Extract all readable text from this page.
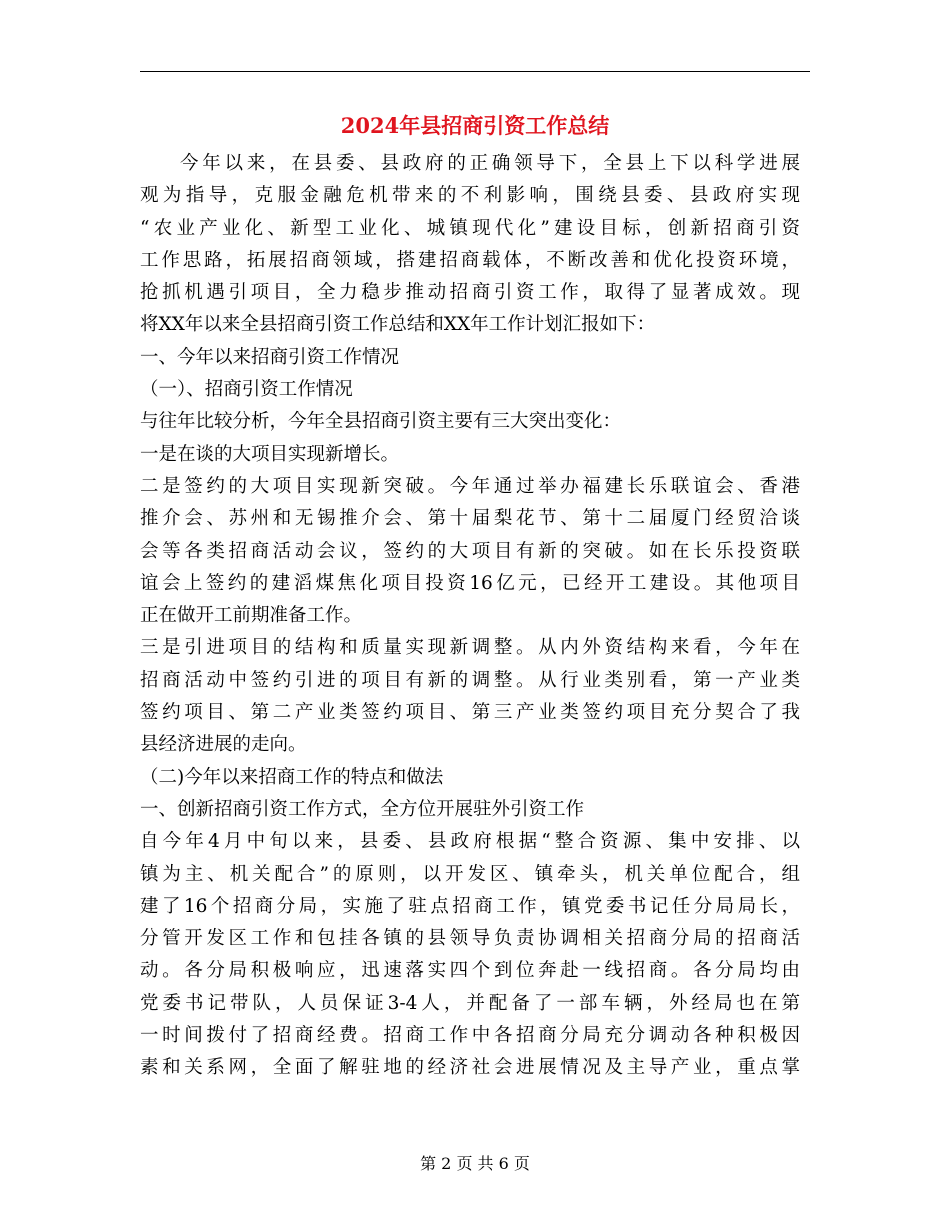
2024年县招商引资工作总结
今年以来，在县委、县政府的正确领导下，全县上下以科学进展
观为指导，克服金融危机带来的不利影响，围绕县委、县政府实现
“农业产业化、新型工业化、城镇现代化”建设目标，创新招商引资
工作思路，拓展招商领域，搭建招商载体，不断改善和优化投资环境，
抢抓机遇引项目，全力稳步推动招商引资工作，取得了显著成效。现
将XX年以来全县招商引资工作总结和XX年工作计划汇报如下：
一、今年以来招商引资工作情况
（一）、招商引资工作情况
与往年比较分析，今年全县招商引资主要有三大突出变化：
一是在谈的大项目实现新增长。
二是签约的大项目实现新突破。今年通过举办福建长乐联谊会、香港
推介会、苏州和无锡推介会、第十届梨花节、第十二届厦门经贸洽谈
会等各类招商活动会议，签约的大项目有新的突破。如在长乐投资联
谊会上签约的建滔煤焦化项目投资16亿元，已经开工建设。其他项目
正在做开工前期准备工作。
三是引进项目的结构和质量实现新调整。从内外资结构来看，今年在
招商活动中签约引进的项目有新的调整。从行业类别看，第一产业类
签约项目、第二产业类签约项目、第三产业类签约项目充分契合了我
县经济进展的走向。
（二)今年以来招商工作的特点和做法
一、创新招商引资工作方式，全方位开展驻外引资工作
自今年4月中旬以来，县委、县政府根据“整合资源、集中安排、以
镇为主、机关配合”的原则，以开发区、镇牵头，机关单位配合，组
建了16个招商分局，实施了驻点招商工作，镇党委书记任分局局长，
分管开发区工作和包挂各镇的县领导负责协调相关招商分局的招商活
动。各分局积极响应，迅速落实四个到位奔赴一线招商。各分局均由
党委书记带队，人员保证3-4人，并配备了一部车辆，外经局也在第
一时间拨付了招商经费。招商工作中各招商分局充分调动各种积极因
素和关系网，全面了解驻地的经济社会进展情况及主导产业，重点掌
第 2 页 共 6 页
